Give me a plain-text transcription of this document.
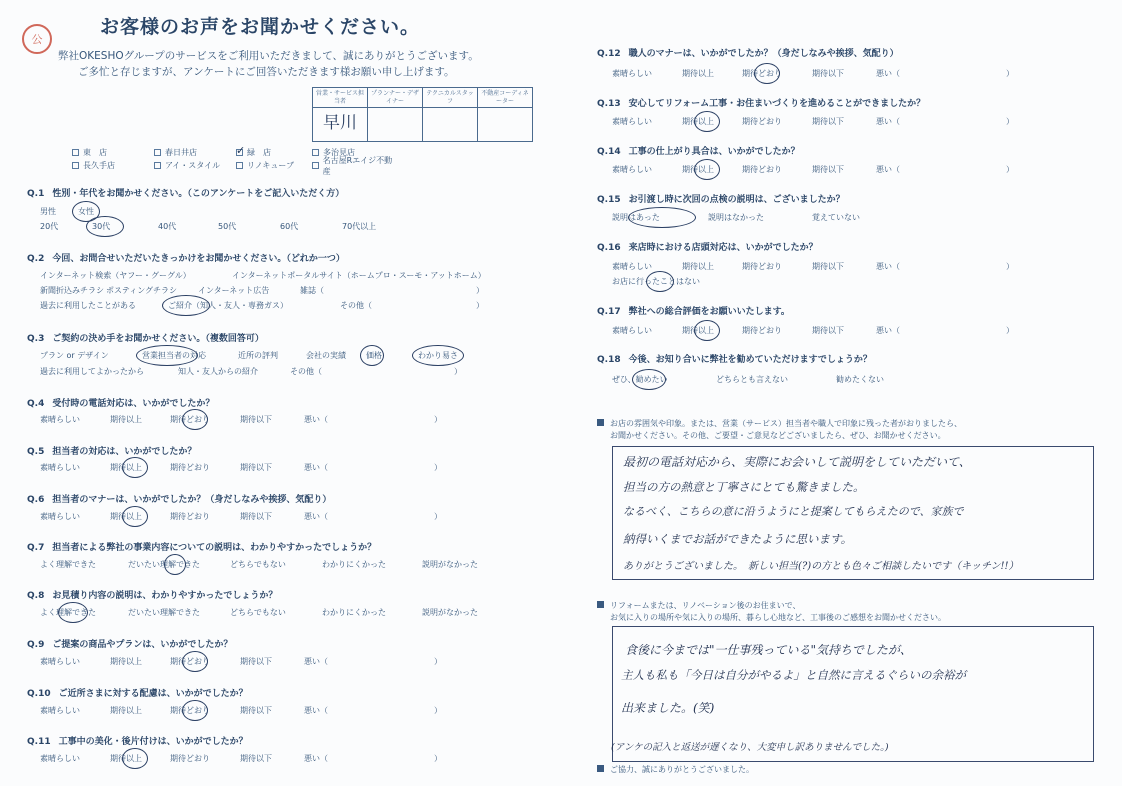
公
お客様のお声をお聞かせください。
弊社OKESHOグループのサービスをご利用いただきまして、誠にありがとうございます。
ご多忙と存じますが、アンケートにご回答いただきます様お願い申し上げます。
営業・サービス担当者	プランナー・デザイナー	テクニカルスタッフ	不動産コーディネーター
早川			
東　店	春日井店 ✓	緑　店	多治見店
長久手店	アイ・スタイル	リノキューブ
名古屋Rエイジ不動産
Q.1 性別・年代をお聞かせください。（このアンケートをご記入いただく方）
男性	女性
20代	30代	40代	50代	60代	70代以上
Q.2 今回、お問合せいただいたきっかけをお聞かせください。（どれか一つ）
インターネット検索（ヤフー・グーグル）	インターネットポータルサイト（ホームプロ・スーモ・アットホーム）
新聞折込みチラシ ポスティングチラシ	インターネット広告	雑誌（	）
過去に利用したことがある	ご紹介（知人・友人・専務ガス）	その他（	）
Q.3 ご契約の決め手をお聞かせください。（複数回答可）
プラン or デザイン	営業担当者の対応	近所の評判	会社の実績	価格	わかり易さ
過去に利用してよかったから	知人・友人からの紹介	その他（	）
Q.4 受付時の電話対応は、いかがでしたか？
素晴らしい	期待以上	期待どおり	期待以下	悪い（	）
Q.5 担当者の対応は、いかがでしたか？
素晴らしい	期待以上	期待どおり	期待以下	悪い（	）
Q.6 担当者のマナーは、いかがでしたか？（身だしなみや挨拶、気配り）
素晴らしい	期待以上	期待どおり	期待以下	悪い（	）
Q.7 担当者による弊社の事業内容についての説明は、わかりやすかったでしょうか？
よく理解できた	だいたい理解できた	どちらでもない	わかりにくかった	説明がなかった
Q.8 お見積り内容の説明は、わかりやすかったでしょうか？
よく理解できた	だいたい理解できた	どちらでもない	わかりにくかった	説明がなかった
Q.9 ご提案の商品やプランは、いかがでしたか？
素晴らしい	期待以上	期待どおり	期待以下	悪い（	）
Q.10 ご近所さまに対する配慮は、いかがでしたか？
素晴らしい	期待以上	期待どおり	期待以下	悪い（	）
Q.11 工事中の美化・後片付けは、いかがでしたか？
素晴らしい	期待以上	期待どおり	期待以下	悪い（	）
Q.12 職人のマナーは、いかがでしたか？（身だしなみや挨拶、気配り）
素晴らしい	期待以上	期待どおり	期待以下	悪い（	）
Q.13 安心してリフォーム工事・お住まいづくりを進めることができましたか？
素晴らしい	期待以上	期待どおり	期待以下	悪い（	）
Q.14 工事の仕上がり具合は、いかがでしたか？
素晴らしい	期待以上	期待どおり	期待以下	悪い（	）
Q.15 お引渡し時に次回の点検の説明は、ございましたか？
説明はあった	説明はなかった	覚えていない
Q.16 来店時における店頭対応は、いかがでしたか？
素晴らしい	期待以上	期待どおり	期待以下	悪い（	）
お店に行ったことはない
Q.17 弊社への総合評価をお願いいたします。
素晴らしい	期待以上	期待どおり	期待以下	悪い（	）
Q.18 今後、お知り合いに弊社を勧めていただけますでしょうか？
ぜひ、勧めたい	どちらとも言えない	勧めたくない
お店の雰囲気や印象。または、営業（サービス）担当者や職人で印象に残った者がおりましたら、
お聞かせください。その他、ご要望・ご意見などございましたら、ぜひ、お聞かせください。
最初の電話対応から、実際にお会いして説明をしていただいて、
担当の方の熱意と丁寧さにとても驚きました。
なるべく、こちらの意に沿うようにと提案してもらえたので、家族で
納得いくまでお話ができたように思います。
ありがとうございました。　新しい担当(?)の方とも色々ご相談したいです（キッチン!!）
リフォームまたは、リノベーション後のお住まいで、
お気に入りの場所や気に入りの場所、暮らし心地など、工事後のご感想をお聞かせください。
食後に今までは"一仕事残っている"気持ちでしたが、
主人も私も「今日は自分がやるよ」と自然に言えるぐらいの余裕が
出来ました。(笑)
(アンケの記入と返送が遅くなり、大変申し訳ありませんでした。)
ご協力、誠にありがとうございました。
